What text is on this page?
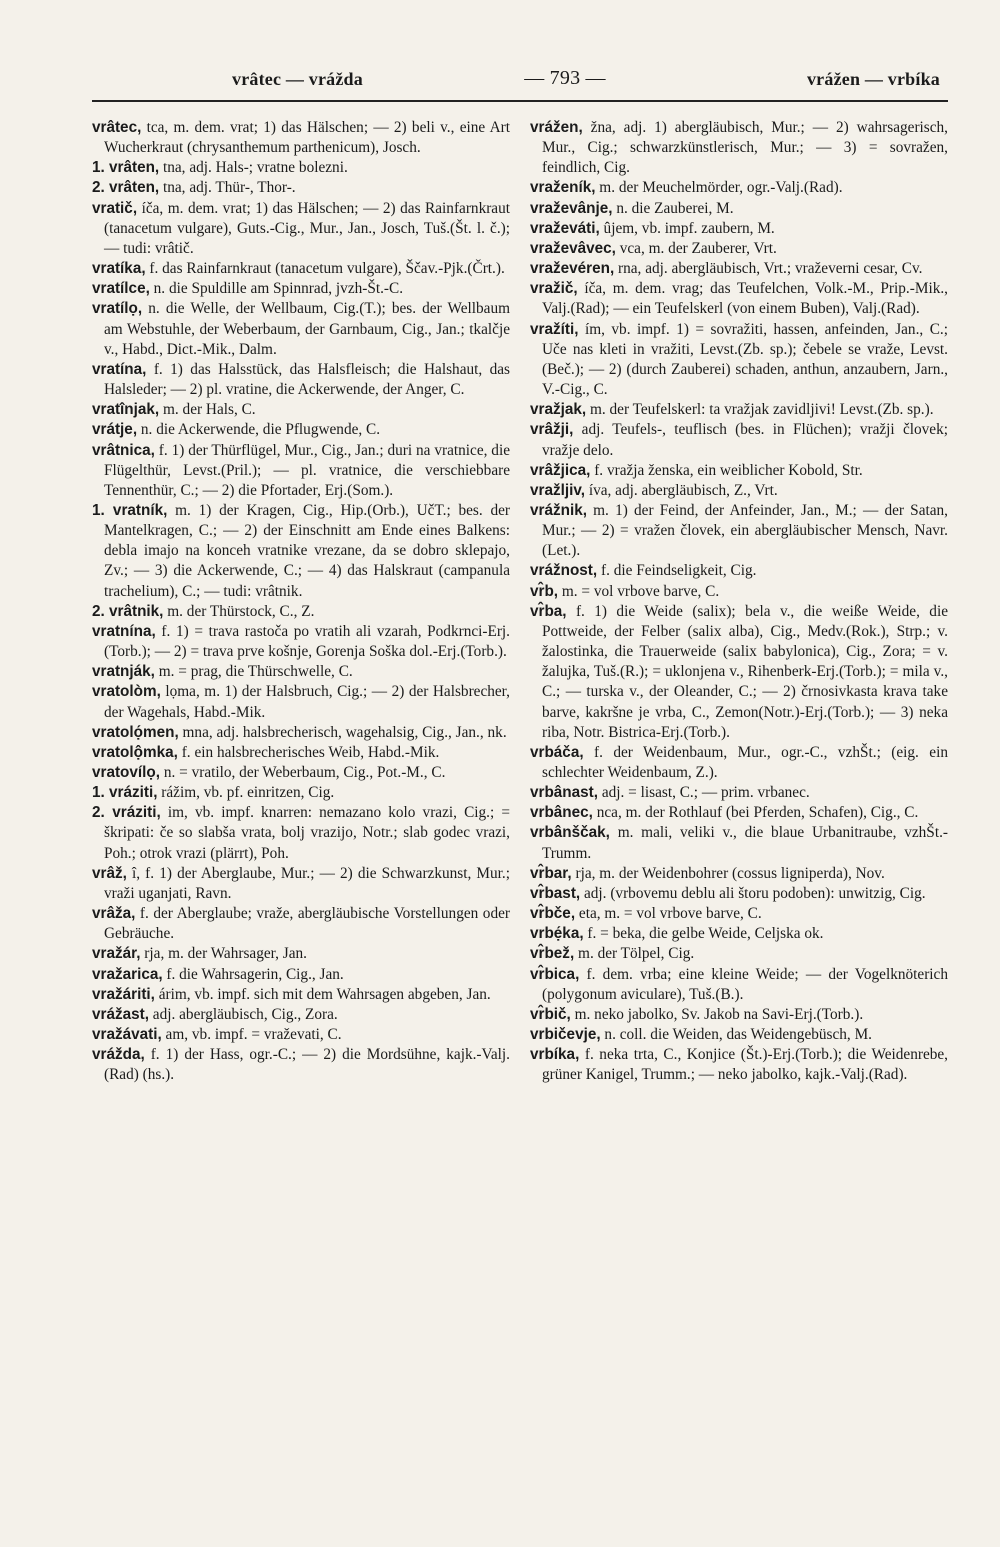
vrâtec — vrážda	— 793 —	vrážen — vrbíka

vrâtec, tca, m. dem. vrat; 1) das Hälschen; — 2) beli v., eine Art Wucherkraut (chrysanthemum parthenicum), Josch.

1. vrâten, tna, adj. Hals-; vratne bolezni.

2. vrâten, tna, adj. Thür-, Thor-.

vratič, íča, m. dem. vrat; 1) das Hälschen; — 2) das Rainfarnkraut (tanacetum vulgare), Guts.-Cig., Mur., Jan., Josch, Tuš.(Št. l. č.); — tudi: vrâtič.

vratíka, f. das Rainfarnkraut (tanacetum vulgare), Ščav.-Pjk.(Črt.).

vratílce, n. die Spuldille am Spinnrad, jvzh-Št.-C.

vratílọ, n. die Welle, der Wellbaum, Cig.(T.); bes. der Wellbaum am Webstuhle, der Weberbaum, der Garnbaum, Cig., Jan.; tkalčje v., Habd., Dict.-Mik., Dalm.

vratína, f. 1) das Halsstück, das Halsfleisch; die Halshaut, das Halsleder; — 2) pl. vratine, die Ackerwende, der Anger, C.

vratînjak, m. der Hals, C.

vrátje, n. die Ackerwende, die Pflugwende, C.

vrâtnica, f. 1) der Thürflügel, Mur., Cig., Jan.; duri na vratnice, die Flügelthür, Levst.(Pril.); — pl. vratnice, die verschiebbare Tennenthür, C.; — 2) die Pfortader, Erj.(Som.).

1. vratník, m. 1) der Kragen, Cig., Hip.(Orb.), UčT.; bes. der Mantelkragen, C.; — 2) der Einschnitt am Ende eines Balkens: debla imajo na konceh vratnike vrezane, da se dobro sklepajo, Zv.; — 3) die Ackerwende, C.; — 4) das Halskraut (campanula trachelium), C.; — tudi: vrâtnik.

2. vrâtnik, m. der Thürstock, C., Z.

vratnína, f. 1) = trava rastoča po vratih ali vzarah, Podkrnci-Erj.(Torb.); — 2) = trava prve košnje, Gorenja Soška dol.-Erj.(Torb.).

vratnják, m. = prag, die Thürschwelle, C.

vratolòm, lọma, m. 1) der Halsbruch, Cig.; — 2) der Halsbrecher, der Wagehals, Habd.-Mik.

vratolọ́men, mna, adj. halsbrecherisch, wagehalsig, Cig., Jan., nk.

vratolộmka, f. ein halsbrecherisches Weib, Habd.-Mik.

vratovílọ, n. = vratilo, der Weberbaum, Cig., Pot.-M., C.

1. vráziti, rážim, vb. pf. einritzen, Cig.

2. vráziti, im, vb. impf. knarren: nemazano kolo vrazi, Cig.; = škripati: če so slabša vrata, bolj vrazijo, Notr.; slab godec vrazi, Poh.; otrok vrazi (plärrt), Poh.

vrâž, î, f. 1) der Aberglaube, Mur.; — 2) die Schwarzkunst, Mur.; vraži uganjati, Ravn.

vrâža, f. der Aberglaube; vraže, abergläubische Vorstellungen oder Gebräuche.

vražár, rja, m. der Wahrsager, Jan.

vražarica, f. die Wahrsagerin, Cig., Jan.

vražáriti, árim, vb. impf. sich mit dem Wahrsagen abgeben, Jan.

vrážast, adj. abergläubisch, Cig., Zora.

vražávati, am, vb. impf. = vraževati, C.

vrážda, f. 1) der Hass, ogr.-C.; — 2) die Mordsühne, kajk.-Valj.(Rad) (hs.).

vrážen, žna, adj. 1) abergläubisch, Mur.; — 2) wahrsagerisch, Mur., Cig.; schwarzkünstlerisch, Mur.; — 3) = sovražen, feindlich, Cig.

vraženík, m. der Meuchelmörder, ogr.-Valj.(Rad).

vraževânje, n. die Zauberei, M.

vraževáti, ûjem, vb. impf. zaubern, M.

vraževâvec, vca, m. der Zauberer, Vrt.

vraževéren, rna, adj. abergläubisch, Vrt.; vraževerni cesar, Cv.

vražič, íča, m. dem. vrag; das Teufelchen, Volk.-M., Prip.-Mik., Valj.(Rad); — ein Teufelskerl (von einem Buben), Valj.(Rad).

vražíti, ím, vb. impf. 1) = sovražiti, hassen, anfeinden, Jan., C.; Uče nas kleti in vražiti, Levst.(Zb. sp.); čebele se vraže, Levst.(Beč.); — 2) (durch Zauberei) schaden, anthun, anzaubern, Jarn., V.-Cig., C.

vražjak, m. der Teufelskerl: ta vražjak zavidljivi! Levst.(Zb. sp.).

vrâžji, adj. Teufels-, teuflisch (bes. in Flüchen); vražji človek; vražje delo.

vrâžjica, f. vražja ženska, ein weiblicher Kobold, Str.

vražljiv, íva, adj. abergläubisch, Z., Vrt.

vrážnik, m. 1) der Feind, der Anfeinder, Jan., M.; — der Satan, Mur.; — 2) = vražen človek, ein abergläubischer Mensch, Navr.(Let.).

vrážnost, f. die Feindseligkeit, Cig.

vr̂b, m. = vol vrbove barve, C.

vr̂ba, f. 1) die Weide (salix); bela v., die weiße Weide, die Pottweide, der Felber (salix alba), Cig., Medv.(Rok.), Strp.; v. žalostinka, die Trauerweide (salix babylonica), Cig., Zora; = v. žalujka, Tuš.(R.); = uklonjena v., Rihenberk-Erj.(Torb.); = mila v., C.; — turska v., der Oleander, C.; — 2) črnosivkasta krava take barve, kakršne je vrba, C., Zemon(Notr.)-Erj.(Torb.); — 3) neka riba, Notr. Bistrica-Erj.(Torb.).

vrbáča, f. der Weidenbaum, Mur., ogr.-C., vzhŠt.; (eig. ein schlechter Weidenbaum, Z.).

vrbânast, adj. = lisast, C.; — prim. vrbanec.

vrbânec, nca, m. der Rothlauf (bei Pferden, Schafen), Cig., C.

vrbânščak, m. mali, veliki v., die blaue Urbanitraube, vzhŠt.-Trumm.

vr̂bar, rja, m. der Weidenbohrer (cossus ligniperda), Nov.

vr̂bast, adj. (vrbovemu deblu ali štoru podoben): unwitzig, Cig.

vr̂bče, eta, m. = vol vrbove barve, C.

vrbẹ́ka, f. = beka, die gelbe Weide, Celjska ok.

vr̂bež, m. der Tölpel, Cig.

vr̂bica, f. dem. vrba; eine kleine Weide; — der Vogelknöterich (polygonum aviculare), Tuš.(B.).

vr̂bič, m. neko jabolko, Sv. Jakob na Savi-Erj.(Torb.).

vrbičevje, n. coll. die Weiden, das Weidengebüsch, M.

vrbíka, f. neka trta, C., Konjice (Št.)-Erj.(Torb.); die Weidenrebe, grüner Kanigel, Trumm.; — neko jabolko, kajk.-Valj.(Rad).
